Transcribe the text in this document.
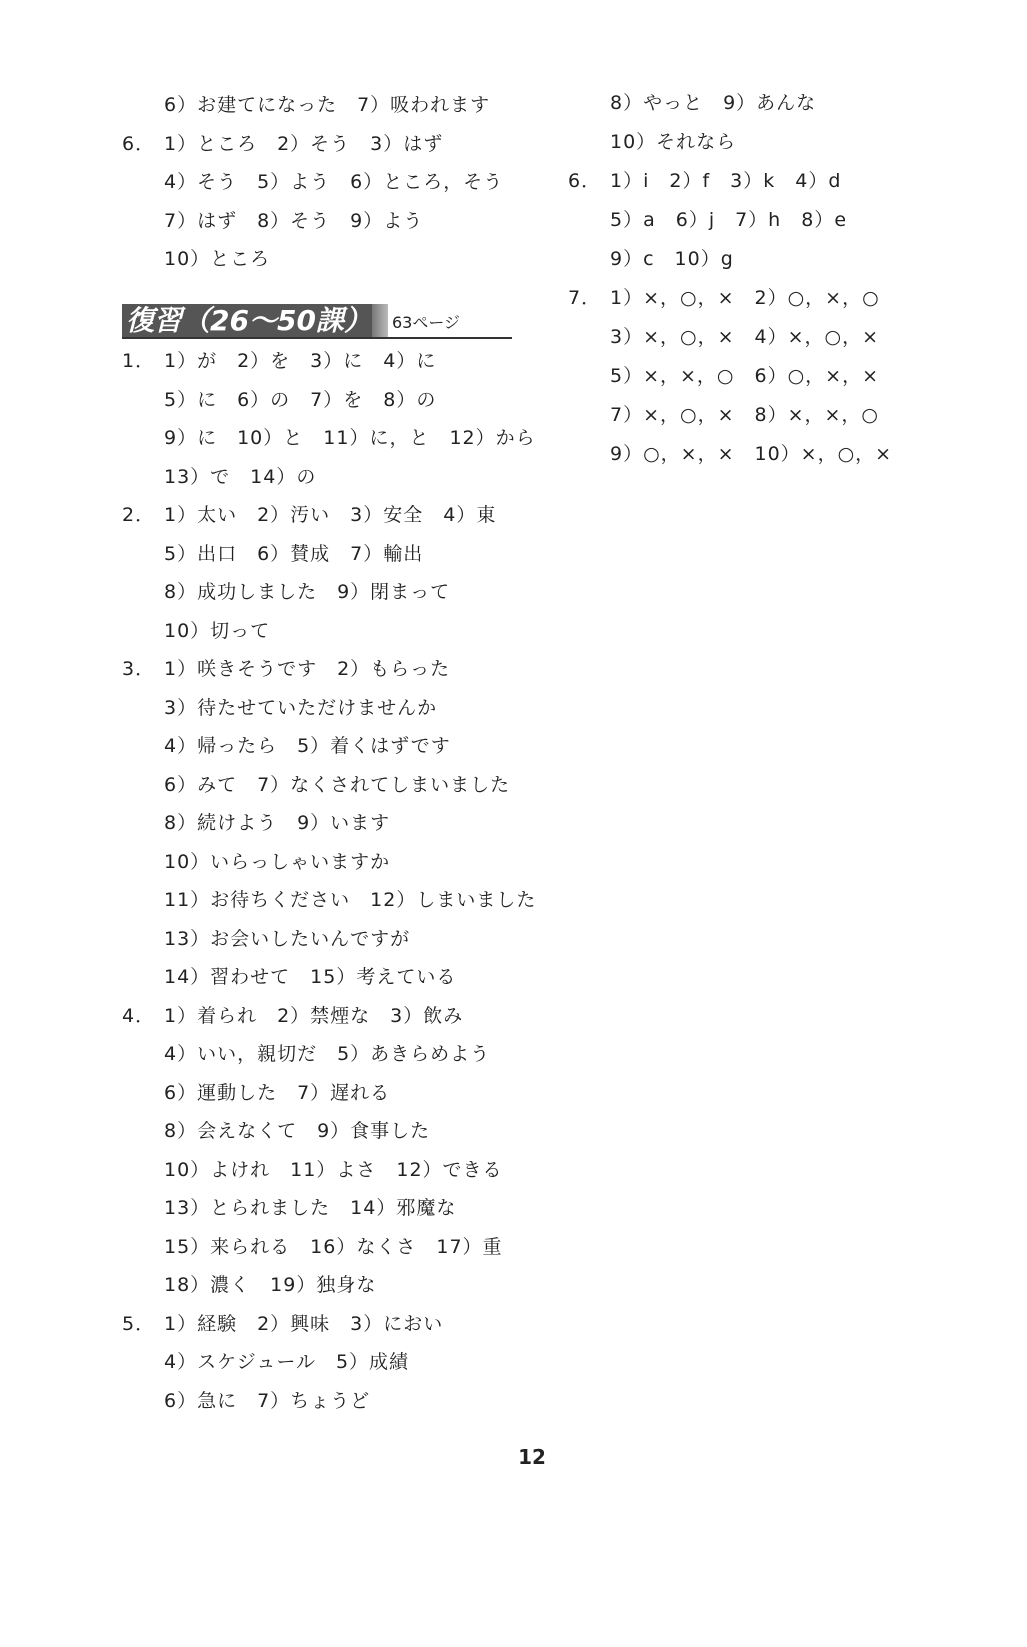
6）お建てになった　7）吸われます
6． 1）ところ　2）そう　3）はず
4）そう　5）よう　6）ところ，そう
7）はず　8）そう　9）よう
10）ところ
復習（26～50課） 63ページ
1． 1）が　2）を　3）に　4）に
5）に　6）の　7）を　8）の
9）に　10）と　11）に，と　12）から
13）で　14）の
2． 1）太い　2）汚い　3）安全　4）東
5）出口　6）賛成　7）輸出
8）成功しました　9）閉まって
10）切って
3． 1）咲きそうです　2）もらった
3）待たせていただけませんか
4）帰ったら　5）着くはずです
6）みて　7）なくされてしまいました
8）続けよう　9）います
10）いらっしゃいますか
11）お待ちください　12）しまいました
13）お会いしたいんですが
14）習わせて　15）考えている
4． 1）着られ　2）禁煙な　3）飲み
4）いい，親切だ　5）あきらめよう
6）運動した　7）遅れる
8）会えなくて　9）食事した
10）よけれ　11）よさ　12）できる
13）とられました　14）邪魔な
15）来られる　16）なくさ　17）重
18）濃く　19）独身な
5． 1）経験　2）興味　3）におい
4）スケジュール　5）成績
6）急に　7）ちょうど
8）やっと　9）あんな
10）それなら
6． 1）i　2）f　3）k　4）d
5）a　6）j　7）h　8）e
9）c　10）g
7． 1）×，○，×　2）○，×，○
3）×，○，×　4）×，○，×
5）×，×，○　6）○，×，×
7）×，○，×　8）×，×，○
9）○，×，×　10）×，○，×
12
